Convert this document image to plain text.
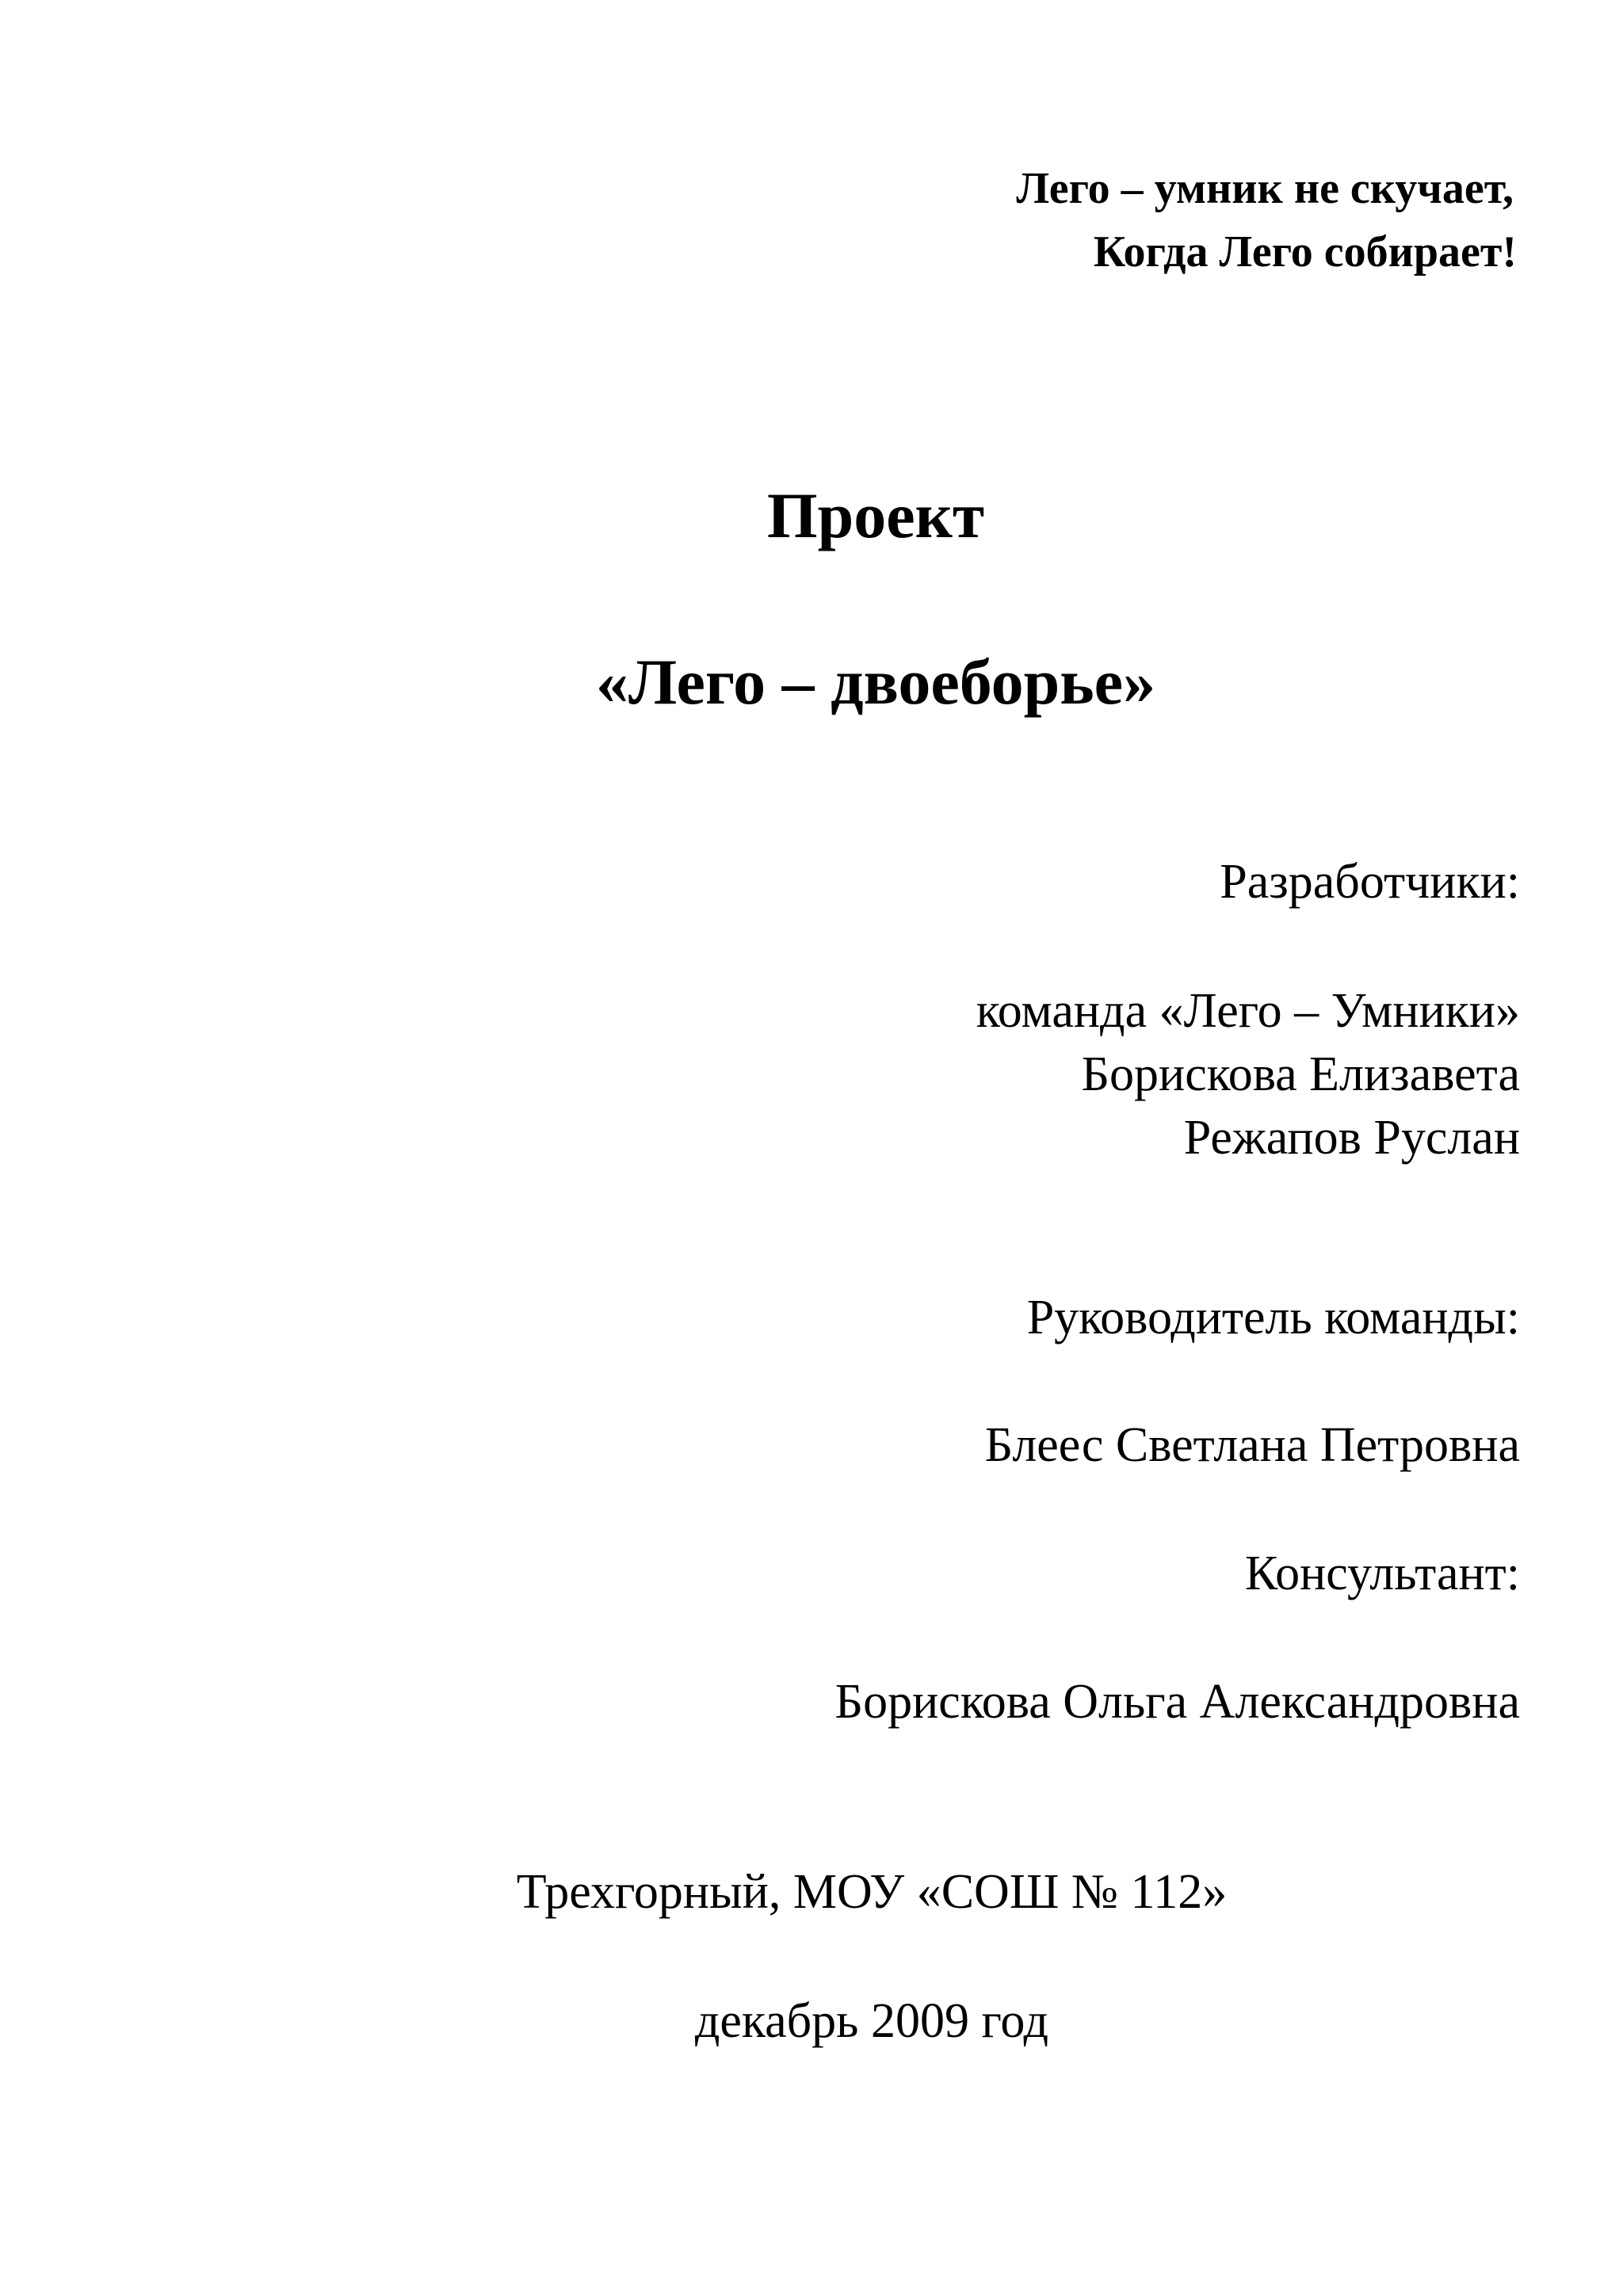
Лего – умник не скучает,

Когда Лего собирает!

Проект

«Лего – двоеборье»

Разработчики:

команда «Лего – Умники»

Борискова Елизавета

Режапов Руслан

Руководитель команды:

Блеес Светлана Петровна

Консультант:

Борискова Ольга Александровна

Трехгорный, МОУ «СОШ № 112»

декабрь 2009 год
